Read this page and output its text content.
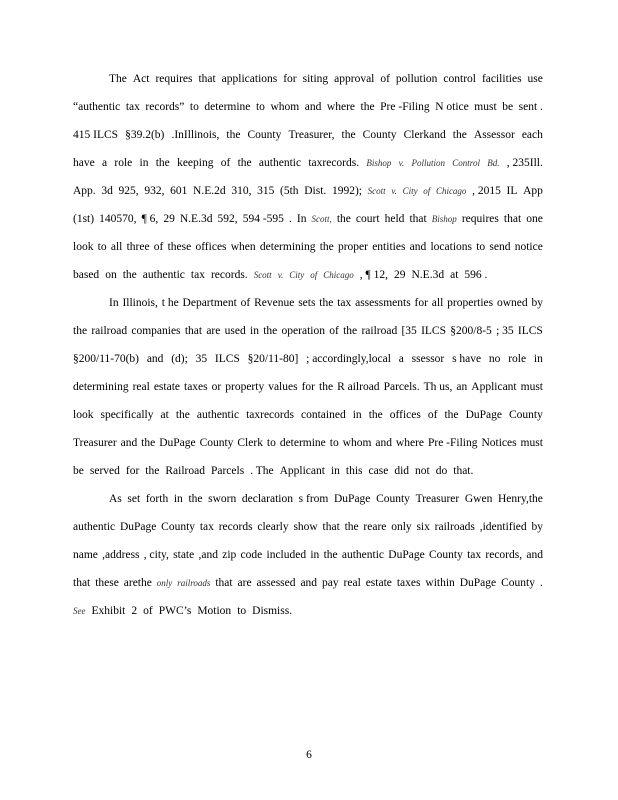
The Act requires that applications for siting approval of pollution control facilities use
“authentic tax records” to determine to whom and where the Pre -Filing N otice must be sent .
415 ILCS §39.2(b) .InIllinois, the County Treasurer, the County Clerkand the Assessor each
have a role in the keeping of the authentic taxrecords. Bishop v. Pollution Control Bd. , 235Ill.
App. 3d 925, 932, 601 N.E.2d 310, 315 (5th Dist. 1992); Scott v. City of Chicago , 2015 IL App
(1st) 140570, ¶ 6, 29 N.E.3d 592, 594 -595 . In Scott, the court held that Bishop requires that one
look to all three of these offices when determining the proper entities and locations to send notice
based on the authentic tax records. Scott v. City of Chicago , ¶ 12, 29 N.E.3d at 596 .
In Illinois, t he Department of Revenue sets the tax assessments for all properties owned by
the railroad companies that are used in the operation of the railroad [35 ILCS §200/8-5 ; 35 ILCS
§200/11-70(b) and (d); 35 ILCS §20/11-80] ; accordingly,local a ssessor s have no role in
determining real estate taxes or property values for the R ailroad Parcels. Th us, an Applicant must
look specifically at the authentic taxrecords contained in the offices of the DuPage County
Treasurer and the DuPage County Clerk to determine to whom and where Pre -Filing Notices must
be served for the Railroad Parcels . The Applicant in this case did not do that.
As set forth in the sworn declaration s from DuPage County Treasurer Gwen Henry,the
authentic DuPage County tax records clearly show that the reare only six railroads ,identified by
name ,address , city, state ,and zip code included in the authentic DuPage County tax records, and
that these arethe only railroads that are assessed and pay real estate taxes within DuPage County .
See Exhibit 2 of PWC’s Motion to Dismiss.
6
